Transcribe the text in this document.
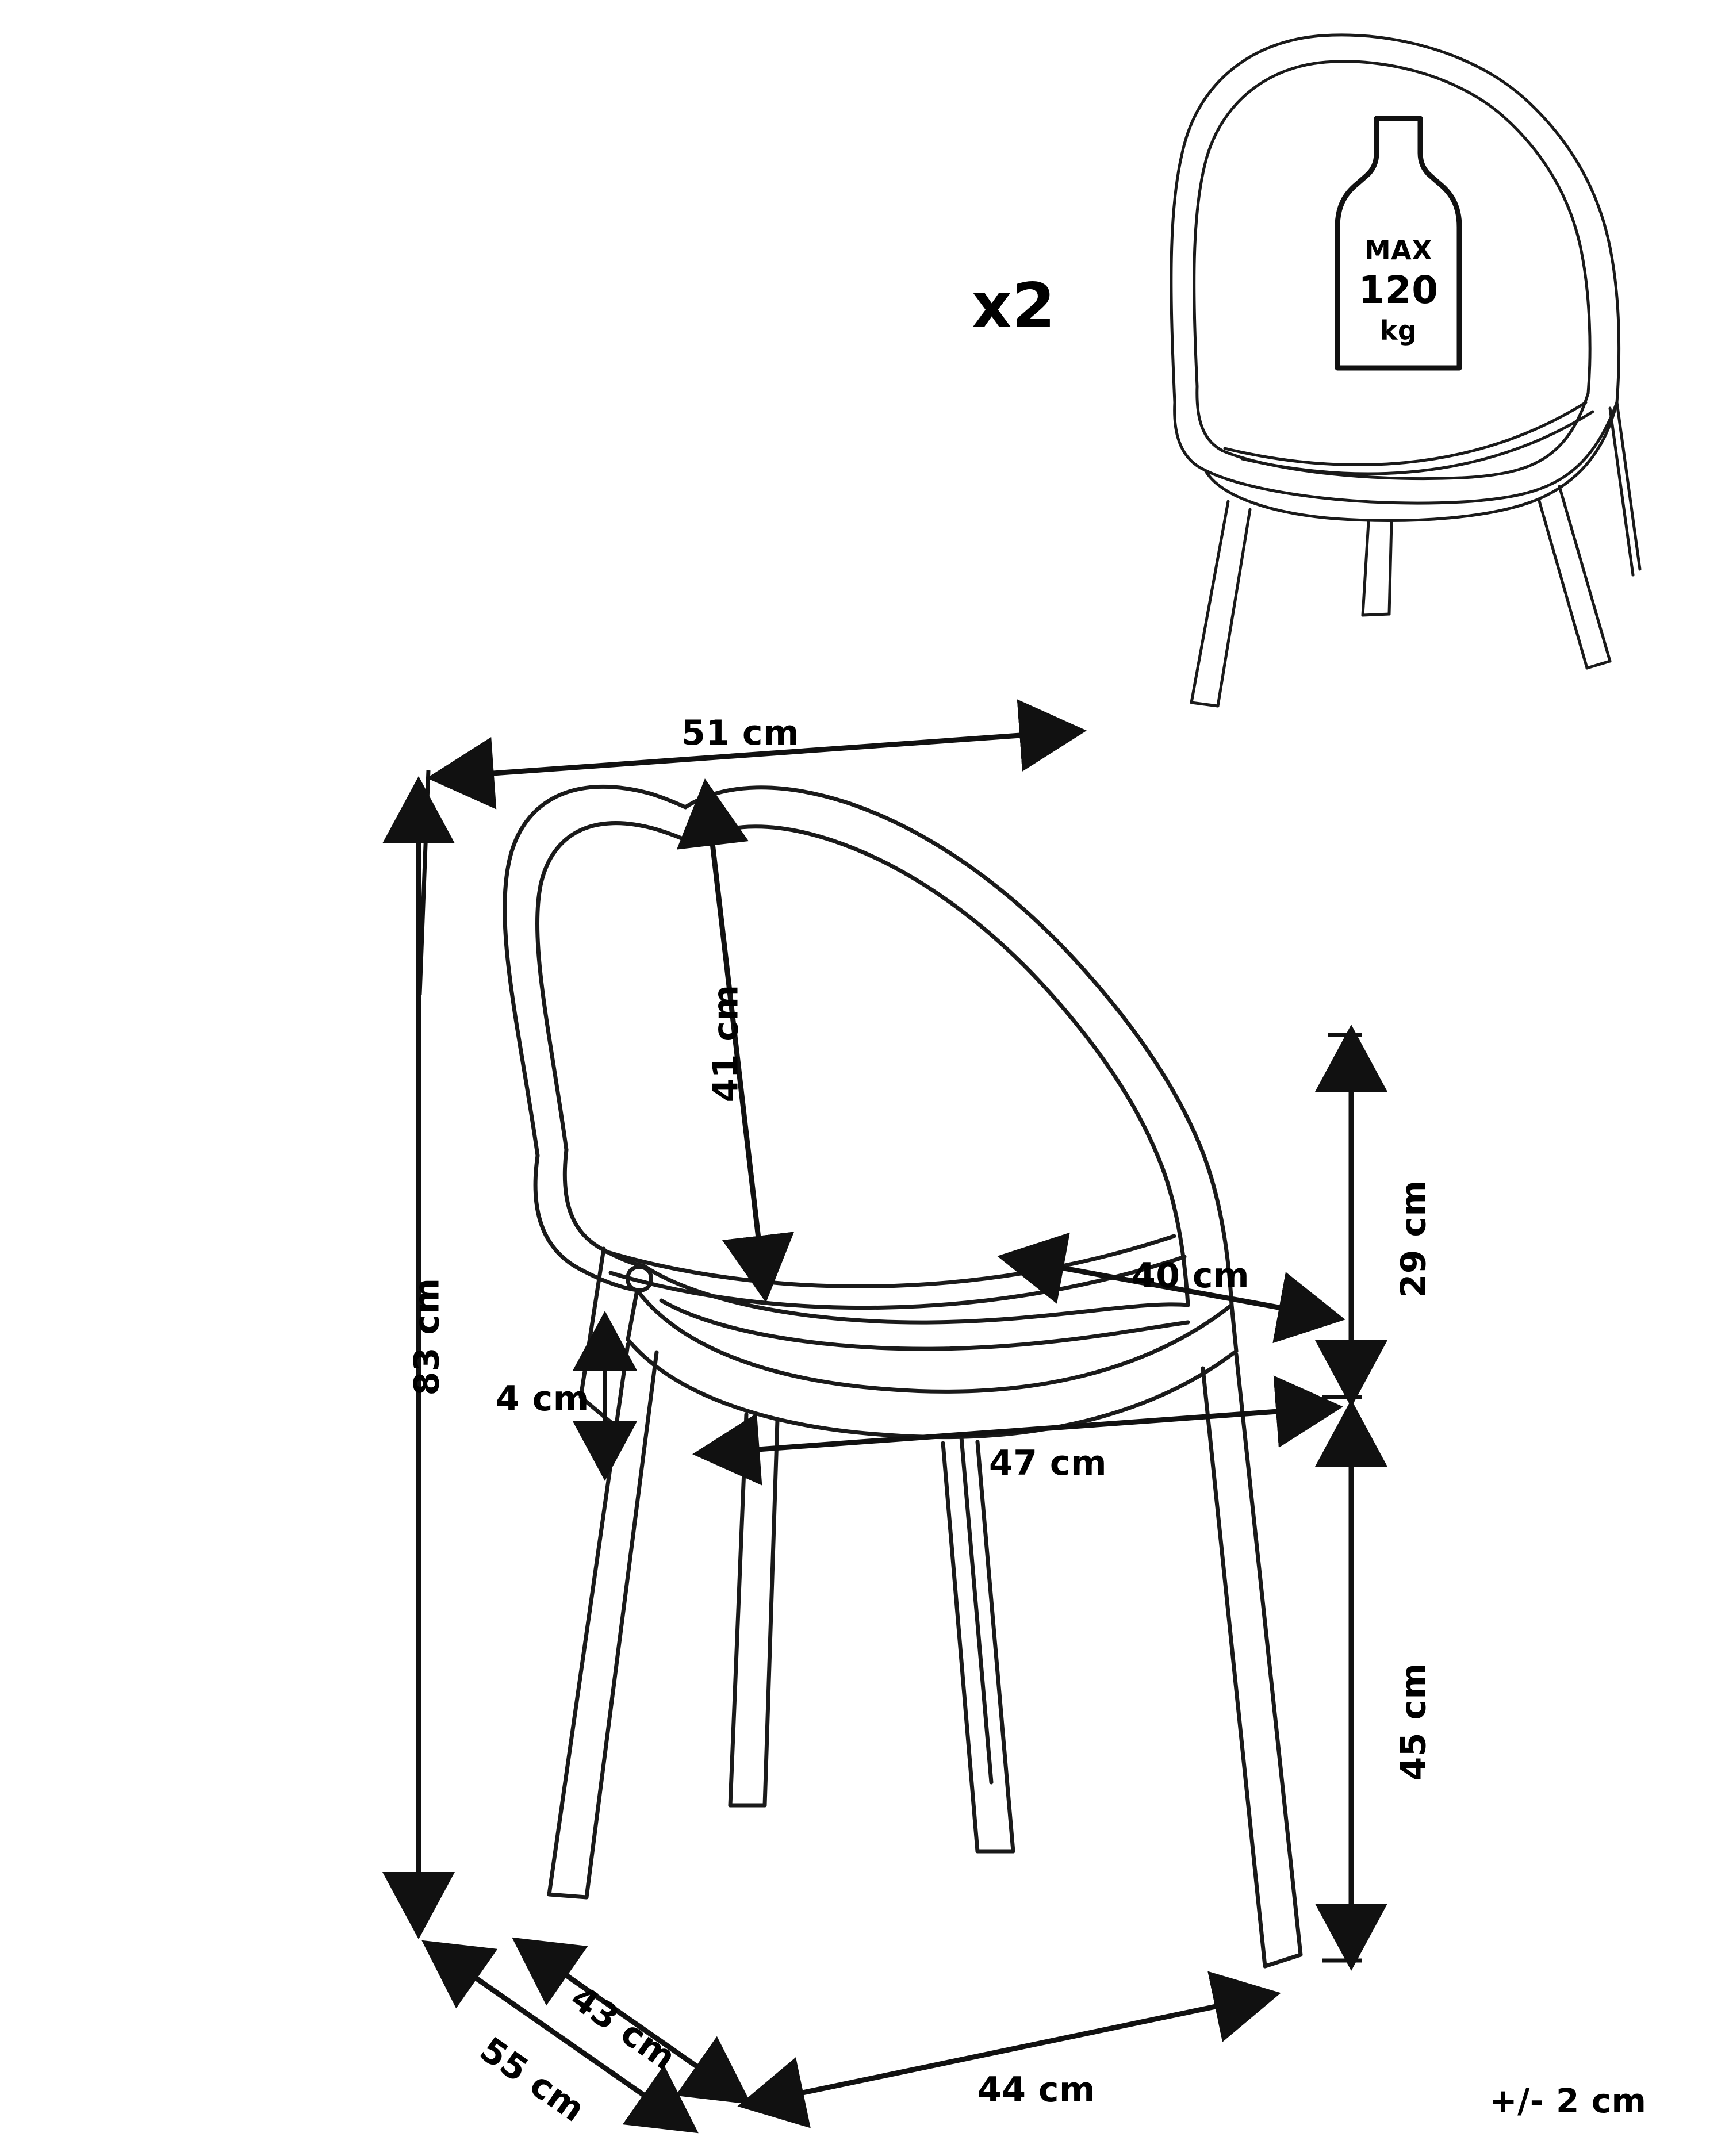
x2
MAX
120
kg
51 cm
41 cm
29 cm
40 cm
4 cm
47 cm
83 cm
45 cm
43 cm
55 cm	44 cm	+/- 2 cm
